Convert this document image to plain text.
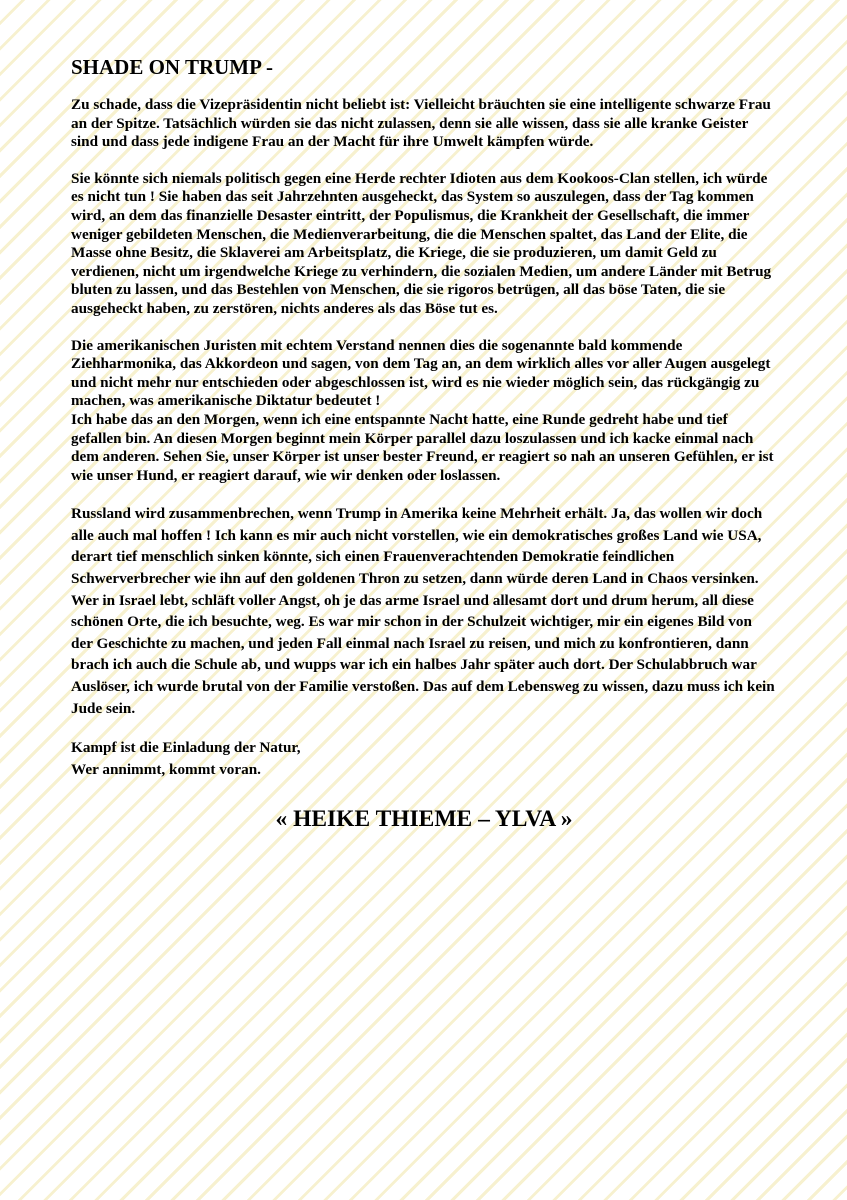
SHADE ON TRUMP -

Zu schade, dass die Vizepräsidentin nicht beliebt ist: Vielleicht bräuchten sie eine intelligente schwarze Frau an der Spitze. Tatsächlich würden sie das nicht zulassen, denn sie alle wissen, dass sie alle kranke Geister sind und dass jede indigene Frau an der Macht für ihre Umwelt kämpfen würde.

Sie könnte sich niemals politisch gegen eine Herde rechter Idioten aus dem Kookoos-Clan stellen, ich würde es nicht tun ! Sie haben das seit Jahrzehnten ausgeheckt, das System so auszulegen, dass der Tag kommen wird, an dem das finanzielle Desaster eintritt, der Populismus, die Krankheit der Gesellschaft, die immer weniger gebildeten Menschen, die Medienverarbeitung, die die Menschen spaltet, das Land der Elite, die Masse ohne Besitz, die Sklaverei am Arbeitsplatz, die Kriege, die sie produzieren, um damit Geld zu verdienen, nicht um irgendwelche Kriege zu verhindern, die sozialen Medien, um andere Länder mit Betrug bluten zu lassen, und das Bestehlen von Menschen, die sie rigoros betrügen, all das böse Taten, die sie ausgeheckt haben, zu zerstören, nichts anderes als das Böse tut es.

Die amerikanischen Juristen mit echtem Verstand nennen dies die sogenannte bald kommende Ziehharmonika, das Akkordeon und sagen, von dem Tag an, an dem wirklich alles vor aller Augen ausgelegt und nicht mehr nur entschieden oder abgeschlossen ist, wird es nie wieder möglich sein, das rückgängig zu machen, was amerikanische Diktatur bedeutet !

Ich habe das an den Morgen, wenn ich eine entspannte Nacht hatte, eine Runde gedreht habe und tief gefallen bin. An diesen Morgen beginnt mein Körper parallel dazu loszulassen und ich kacke einmal nach dem anderen. Sehen Sie, unser Körper ist unser bester Freund, er reagiert so nah an unseren Gefühlen, er ist wie unser Hund, er reagiert darauf, wie wir denken oder loslassen.

Russland wird zusammenbrechen, wenn Trump in Amerika keine Mehrheit erhält. Ja, das wollen wir doch alle auch mal hoffen ! Ich kann es mir auch nicht vorstellen, wie ein demokratisches großes Land wie USA, derart tief menschlich sinken könnte, sich einen Frauenverachtenden Demokratie feindlichen Schwerverbrecher wie ihn auf den goldenen Thron zu setzen, dann würde deren Land in Chaos versinken. Wer in Israel lebt, schläft voller Angst, oh je das arme Israel und allesamt dort und drum herum, all diese schönen Orte, die ich besuchte, weg. Es war mir schon in der Schulzeit wichtiger, mir ein eigenes Bild von der Geschichte zu machen, und jeden Fall einmal nach Israel zu reisen, und mich zu konfrontieren, dann brach ich auch die Schule ab, und wupps war ich ein halbes Jahr später auch dort. Der Schulabbruch war Auslöser, ich wurde brutal von der Familie verstoßen. Das auf dem Lebensweg zu wissen, dazu muss ich kein Jude sein.

Kampf ist die Einladung der Natur,
Wer annimmt, kommt voran.
« HEIKE THIEME – YLVA »
